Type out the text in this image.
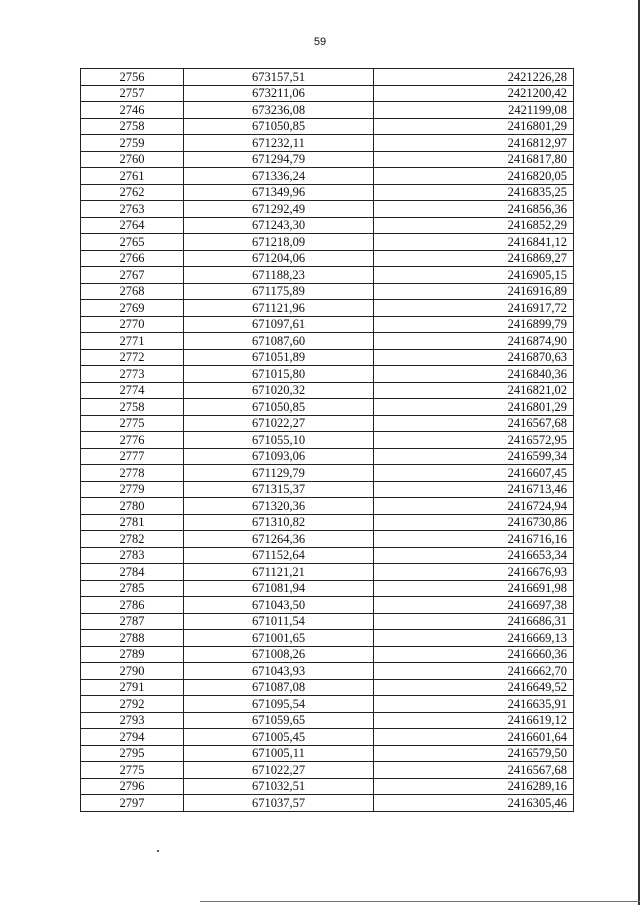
59
2756	673157,51	2421226,28
2757	673211,06	2421200,42
2746	673236,08	2421199,08
2758	671050,85	2416801,29
2759	671232,11	2416812,97
2760	671294,79	2416817,80
2761	671336,24	2416820,05
2762	671349,96	2416835,25
2763	671292,49	2416856,36
2764	671243,30	2416852,29
2765	671218,09	2416841,12
2766	671204,06	2416869,27
2767	671188,23	2416905,15
2768	671175,89	2416916,89
2769	671121,96	2416917,72
2770	671097,61	2416899,79
2771	671087,60	2416874,90
2772	671051,89	2416870,63
2773	671015,80	2416840,36
2774	671020,32	2416821,02
2758	671050,85	2416801,29
2775	671022,27	2416567,68
2776	671055,10	2416572,95
2777	671093,06	2416599,34
2778	671129,79	2416607,45
2779	671315,37	2416713,46
2780	671320,36	2416724,94
2781	671310,82	2416730,86
2782	671264,36	2416716,16
2783	671152,64	2416653,34
2784	671121,21	2416676,93
2785	671081,94	2416691,98
2786	671043,50	2416697,38
2787	671011,54	2416686,31
2788	671001,65	2416669,13
2789	671008,26	2416660,36
2790	671043,93	2416662,70
2791	671087,08	2416649,52
2792	671095,54	2416635,91
2793	671059,65	2416619,12
2794	671005,45	2416601,64
2795	671005,11	2416579,50
2775	671022,27	2416567,68
2796	671032,51	2416289,16
2797	671037,57	2416305,46
